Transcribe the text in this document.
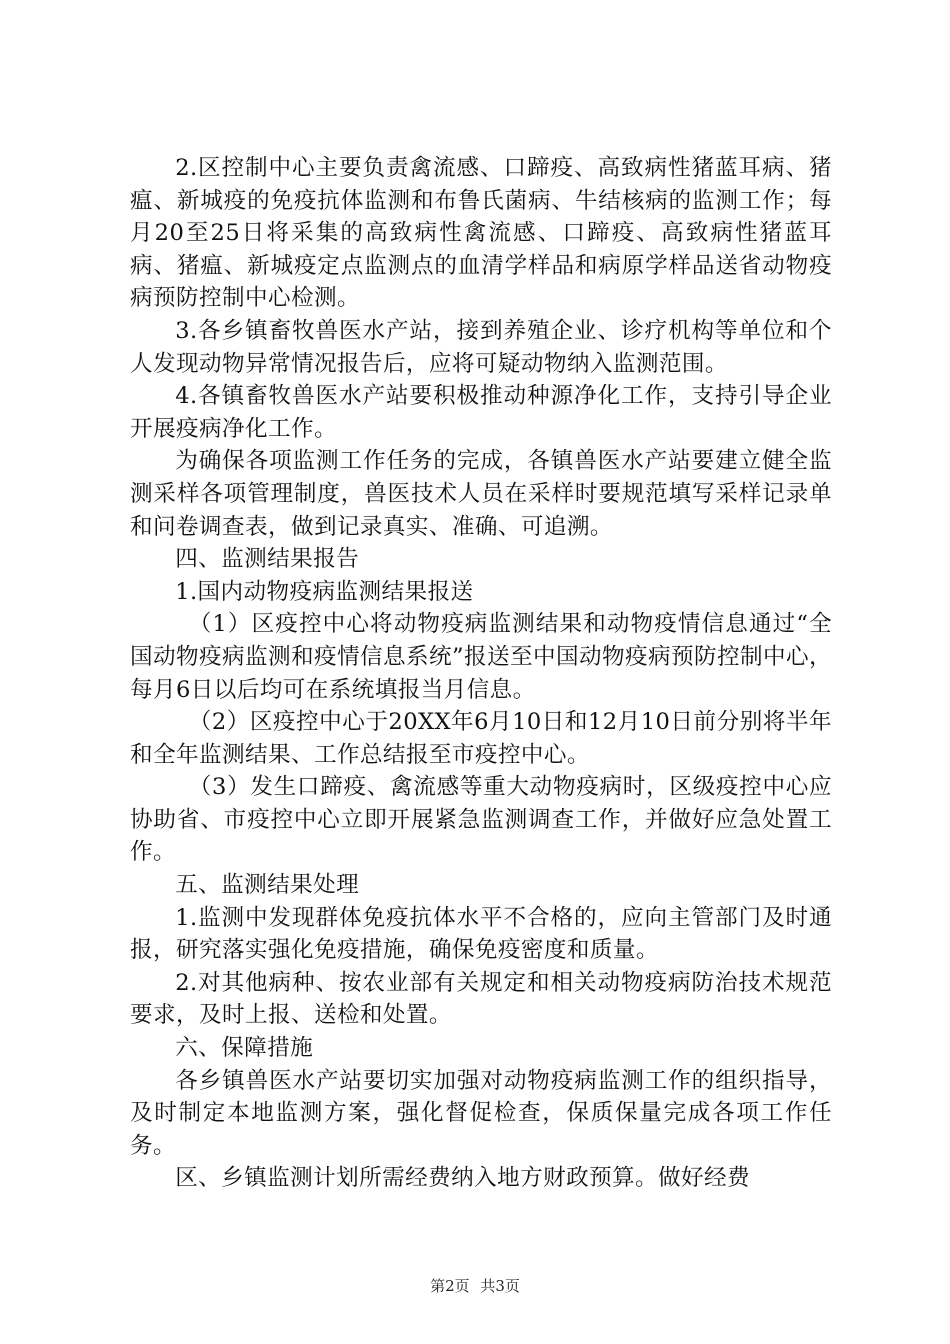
2.区控制中心主要负责禽流感、口蹄疫、高致病性猪蓝耳病、猪瘟、新城疫的免疫抗体监测和布鲁氏菌病、牛结核病的监测工作；每月20至25日将采集的高致病性禽流感、口蹄疫、高致病性猪蓝耳病、猪瘟、新城疫定点监测点的血清学样品和病原学样品送省动物疫病预防控制中心检测。

3.各乡镇畜牧兽医水产站，接到养殖企业、诊疗机构等单位和个人发现动物异常情况报告后，应将可疑动物纳入监测范围。

4.各镇畜牧兽医水产站要积极推动种源净化工作，支持引导企业开展疫病净化工作。

为确保各项监测工作任务的完成，各镇兽医水产站要建立健全监测采样各项管理制度，兽医技术人员在采样时要规范填写采样记录单和问卷调查表，做到记录真实、准确、可追溯。

四、监测结果报告

1.国内动物疫病监测结果报送

（1）区疫控中心将动物疫病监测结果和动物疫情信息通过“全国动物疫病监测和疫情信息系统”报送至中国动物疫病预防控制中心，每月6日以后均可在系统填报当月信息。

（2）区疫控中心于20XX年6月10日和12月10日前分别将半年和全年监测结果、工作总结报至市疫控中心。

（3）发生口蹄疫、禽流感等重大动物疫病时，区级疫控中心应协助省、市疫控中心立即开展紧急监测调查工作，并做好应急处置工作。

五、监测结果处理

1.监测中发现群体免疫抗体水平不合格的，应向主管部门及时通报，研究落实强化免疫措施，确保免疫密度和质量。

2.对其他病种、按农业部有关规定和相关动物疫病防治技术规范要求，及时上报、送检和处置。

六、保障措施

各乡镇兽医水产站要切实加强对动物疫病监测工作的组织指导，及时制定本地监测方案，强化督促检查，保质保量完成各项工作任务。

区、乡镇监测计划所需经费纳入地方财政预算。做好经费

第2页 共3页
